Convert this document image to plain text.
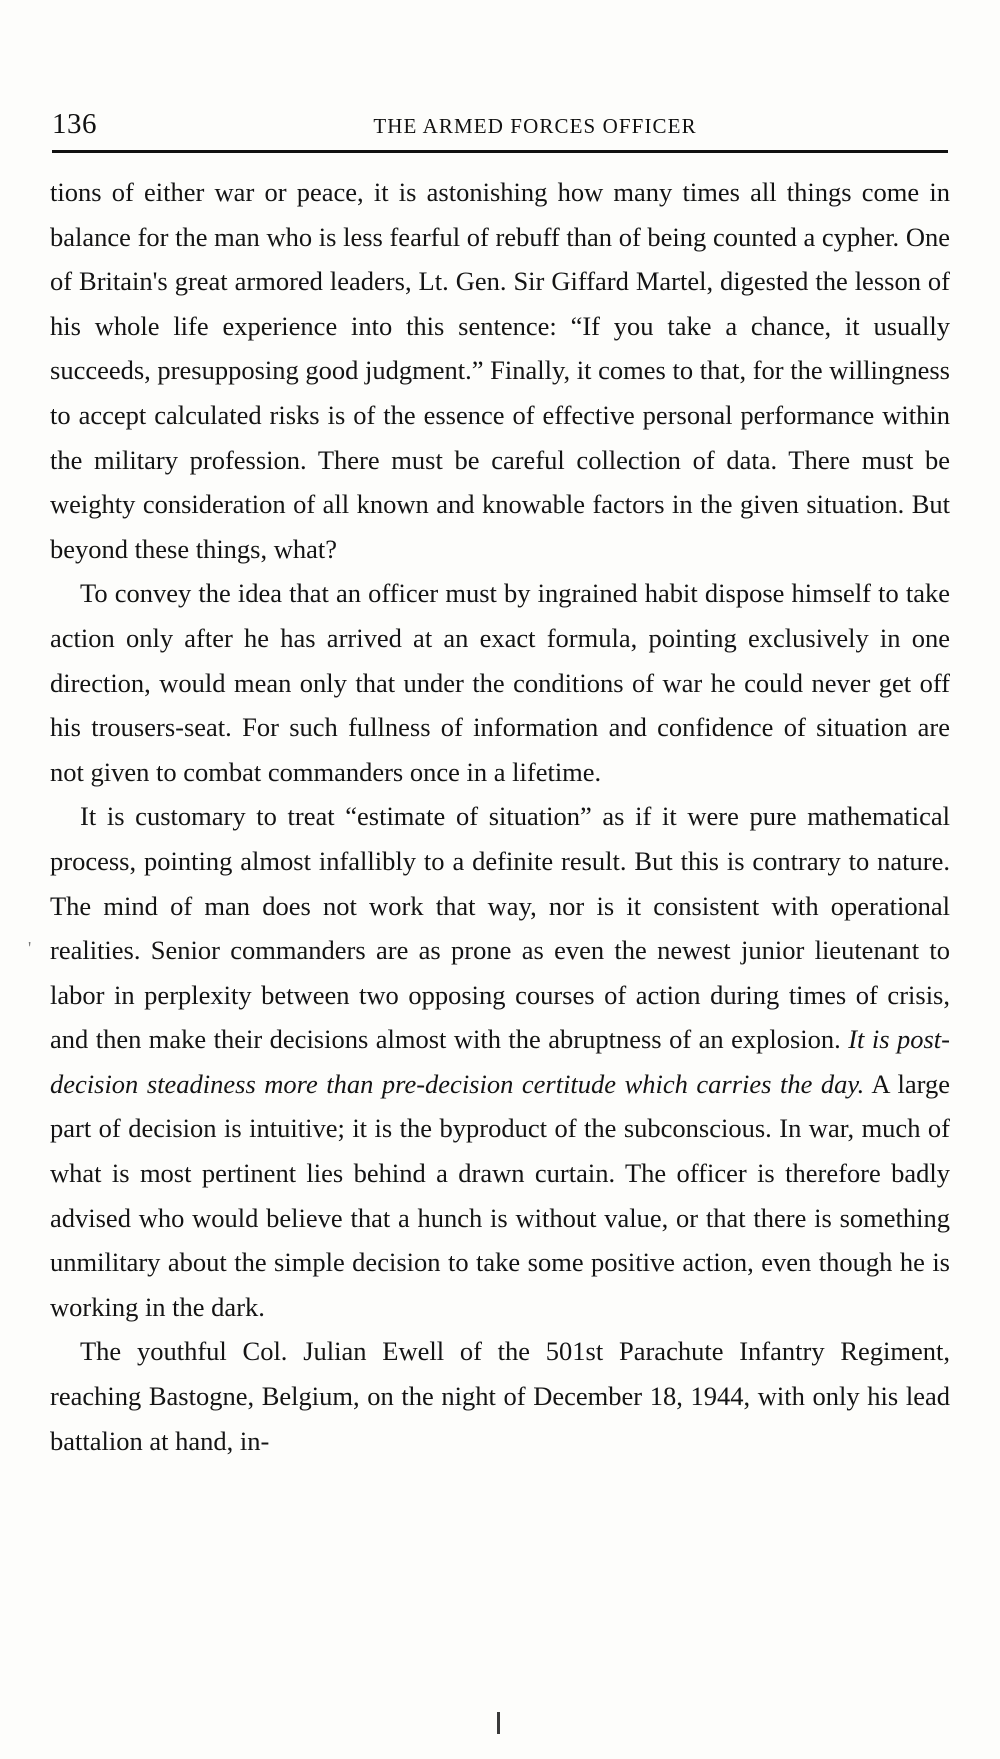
136	THE ARMED FORCES OFFICER
'

tions of either war or peace, it is astonishing how many times all things come in balance for the man who is less fearful of rebuff than of being counted a cypher. One of Britain's great armored leaders, Lt. Gen. Sir Giffard Martel, digested the lesson of his whole life experience into this sentence: “If you take a chance, it usually succeeds, presupposing good judgment.” Finally, it comes to that, for the willingness to accept calculated risks is of the essence of effective personal performance within the military profession. There must be careful collection of data. There must be weighty consideration of all known and knowable factors in the given situation. But beyond these things, what?

To convey the idea that an officer must by ingrained habit dispose himself to take action only after he has arrived at an exact formula, pointing exclusively in one direction, would mean only that under the conditions of war he could never get off his trousers-seat. For such fullness of information and confidence of situation are not given to combat commanders once in a lifetime.

It is customary to treat “estimate of situation” as if it were pure mathematical process, pointing almost infallibly to a definite result. But this is contrary to nature. The mind of man does not work that way, nor is it consistent with operational realities. Senior commanders are as prone as even the newest junior lieutenant to labor in perplexity between two opposing courses of action during times of crisis, and then make their decisions almost with the abruptness of an explosion. It is post-decision steadiness more than pre-decision certitude which carries the day. A large part of decision is intuitive; it is the byproduct of the subconscious. In war, much of what is most pertinent lies behind a drawn curtain. The officer is therefore badly advised who would believe that a hunch is without value, or that there is something unmilitary about the simple decision to take some positive action, even though he is working in the dark.

The youthful Col. Julian Ewell of the 501st Parachute Infantry Regiment, reaching Bastogne, Belgium, on the night of December 18, 1944, with only his lead battalion at hand, in-
